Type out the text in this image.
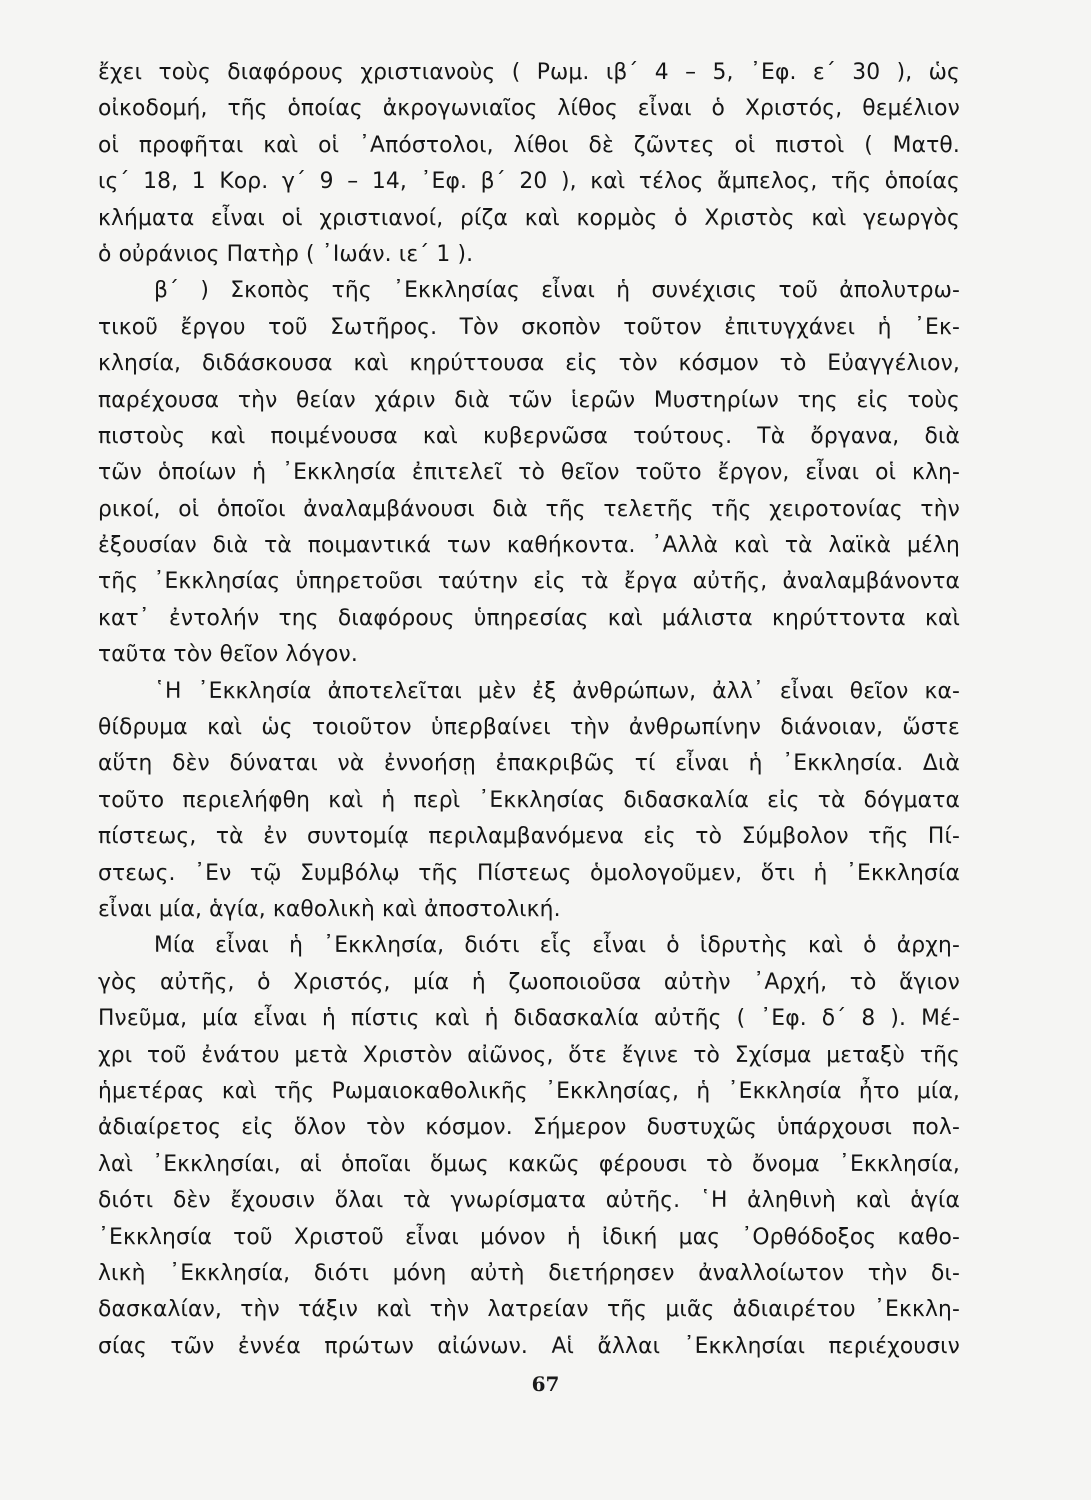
ἔχει τοὺς διαφόρους χριστιανοὺς ( Ρωμ. ιβ΄ 4 – 5, ᾿Εφ. ε΄ 30 ), ὡς
οἰκοδομή, τῆς ὁποίας ἀκρογωνιαῖος λίθος εἶναι ὁ Χριστός, θεμέλιον
οἱ προφῆται καὶ οἱ ᾿Απόστολοι, λίθοι δὲ ζῶντες οἱ πιστοὶ ( Ματθ.
ις΄ 18, 1 Κορ. γ΄ 9 – 14, ᾿Εφ. β΄ 20 ), καὶ τέλος ἄμπελος, τῆς ὁποίας
κλήματα εἶναι οἱ χριστιανοί, ρίζα καὶ κορμὸς ὁ Χριστὸς καὶ γεωργὸς
ὁ οὐράνιος Πατὴρ ( ᾿Ιωάν. ιε΄ 1 ).
β΄ ) Σκοπὸς τῆς ᾿Εκκλησίας εἶναι ἡ συνέχισις τοῦ ἀπολυτρω-
τικοῦ ἔργου τοῦ Σωτῆρος. Τὸν σκοπὸν τοῦτον ἐπιτυγχάνει ἡ ᾿Εκ-
κλησία, διδάσκουσα καὶ κηρύττουσα εἰς τὸν κόσμον τὸ Εὐαγγέλιον,
παρέχουσα τὴν θείαν χάριν διὰ τῶν ἱερῶν Μυστηρίων της εἰς τοὺς
πιστοὺς καὶ ποιμένουσα καὶ κυβερνῶσα τούτους. Τὰ ὄργανα, διὰ
τῶν ὁποίων ἡ ᾿Εκκλησία ἐπιτελεῖ τὸ θεῖον τοῦτο ἔργον, εἶναι οἱ κλη-
ρικοί, οἱ ὁποῖοι ἀναλαμβάνουσι διὰ τῆς τελετῆς τῆς χειροτονίας τὴν
ἐξουσίαν διὰ τὰ ποιμαντικά των καθήκοντα. ᾿Αλλὰ καὶ τὰ λαϊκὰ μέλη
τῆς ᾿Εκκλησίας ὑπηρετοῦσι ταύτην εἰς τὰ ἔργα αὐτῆς, ἀναλαμβάνοντα
κατ᾿ ἐντολήν της διαφόρους ὑπηρεσίας καὶ μάλιστα κηρύττοντα καὶ
ταῦτα τὸν θεῖον λόγον.
῾Η ᾿Εκκλησία ἀποτελεῖται μὲν ἐξ ἀνθρώπων, ἀλλ᾿ εἶναι θεῖον κα-
θίδρυμα καὶ ὡς τοιοῦτον ὑπερβαίνει τὴν ἀνθρωπίνην διάνοιαν, ὥστε
αὕτη δὲν δύναται νὰ ἐννοήσῃ ἐπακριβῶς τί εἶναι ἡ ᾿Εκκλησία. Διὰ
τοῦτο περιελήφθη καὶ ἡ περὶ ᾿Εκκλησίας διδασκαλία εἰς τὰ δόγματα
πίστεως, τὰ ἐν συντομίᾳ περιλαμβανόμενα εἰς τὸ Σύμβολον τῆς Πί-
στεως. ᾿Εν τῷ Συμβόλῳ τῆς Πίστεως ὁμολογοῦμεν, ὅτι ἡ ᾿Εκκλησία
εἶναι μία, ἁγία, καθολικὴ καὶ ἀποστολική.
Μία εἶναι ἡ ᾿Εκκλησία, διότι εἷς εἶναι ὁ ἱδρυτὴς καὶ ὁ ἀρχη-
γὸς αὐτῆς, ὁ Χριστός, μία ἡ ζωοποιοῦσα αὐτὴν ᾿Αρχή, τὸ ἅγιον
Πνεῦμα, μία εἶναι ἡ πίστις καὶ ἡ διδασκαλία αὐτῆς ( ᾿Εφ. δ΄ 8 ). Μέ-
χρι τοῦ ἐνάτου μετὰ Χριστὸν αἰῶνος, ὅτε ἔγινε τὸ Σχίσμα μεταξὺ τῆς
ἡμετέρας καὶ τῆς Ρωμαιοκαθολικῆς ᾿Εκκλησίας, ἡ ᾿Εκκλησία ἦτο μία,
ἀδιαίρετος εἰς ὅλον τὸν κόσμον. Σήμερον δυστυχῶς ὑπάρχουσι πολ-
λαὶ ᾿Εκκλησίαι, αἱ ὁποῖαι ὅμως κακῶς φέρουσι τὸ ὄνομα ᾿Εκκλησία,
διότι δὲν ἔχουσιν ὅλαι τὰ γνωρίσματα αὐτῆς. ῾Η ἀληθινὴ καὶ ἁγία
᾿Εκκλησία τοῦ Χριστοῦ εἶναι μόνον ἡ ἰδική μας ᾿Ορθόδοξος καθο-
λικὴ ᾿Εκκλησία, διότι μόνη αὐτὴ διετήρησεν ἀναλλοίωτον τὴν δι-
δασκαλίαν, τὴν τάξιν καὶ τὴν λατρείαν τῆς μιᾶς ἀδιαιρέτου ᾿Εκκλη-
σίας τῶν ἐννέα πρώτων αἰώνων. Αἱ ἄλλαι ᾿Εκκλησίαι περιέχουσιν
67
